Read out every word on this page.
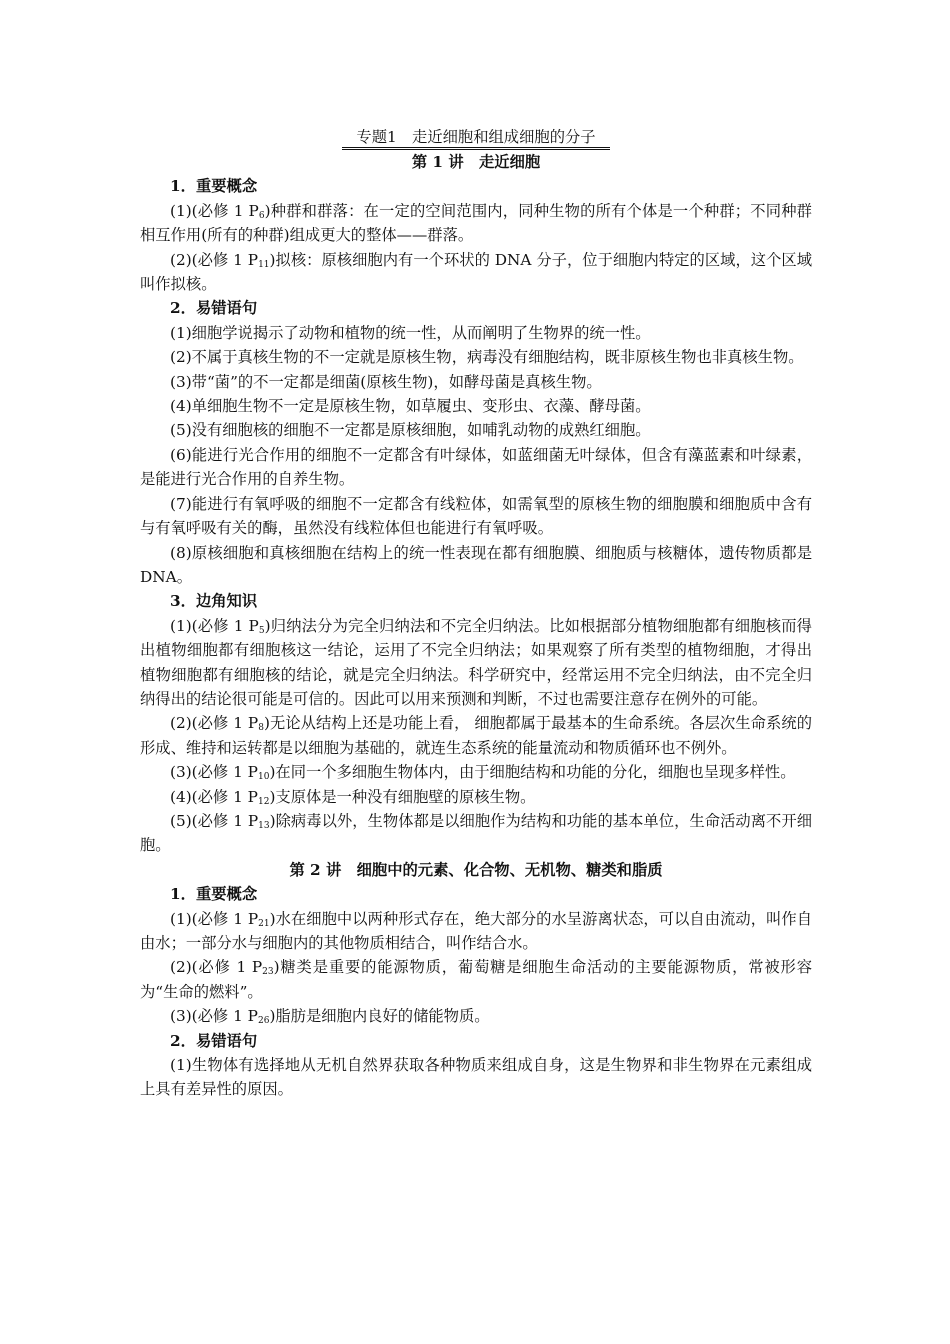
专题1　走近细胞和组成细胞的分子
第 1 讲　走近细胞
1．重要概念
(1)(必修 1 $P_6$)种群和群落：在一定的空间范围内，同种生物的所有个体是一个种群；不同种群相互作用(所有的种群)组成更大的整体——群落。
(2)(必修 1 $P_{11}$)拟核：原核细胞内有一个环状的 DNA 分子，位于细胞内特定的区域，这个区域叫作拟核。
2．易错语句
(1)细胞学说揭示了动物和植物的统一性，从而阐明了生物界的统一性。
(2)不属于真核生物的不一定就是原核生物，病毒没有细胞结构，既非原核生物也非真核生物。
(3)带“菌”的不一定都是细菌(原核生物)，如酵母菌是真核生物。
(4)单细胞生物不一定是原核生物，如草履虫、变形虫、衣藻、酵母菌。
(5)没有细胞核的细胞不一定都是原核细胞，如哺乳动物的成熟红细胞。
(6)能进行光合作用的细胞不一定都含有叶绿体，如蓝细菌无叶绿体，但含有藻蓝素和叶绿素，是能进行光合作用的自养生物。
(7)能进行有氧呼吸的细胞不一定都含有线粒体，如需氧型的原核生物的细胞膜和细胞质中含有与有氧呼吸有关的酶，虽然没有线粒体但也能进行有氧呼吸。
(8)原核细胞和真核细胞在结构上的统一性表现在都有细胞膜、细胞质与核糖体，遗传物质都是 DNA。
3．边角知识
(1)(必修 1 $P_5$)归纳法分为完全归纳法和不完全归纳法。比如根据部分植物细胞都有细胞核而得出植物细胞都有细胞核这一结论，运用了不完全归纳法；如果观察了所有类型的植物细胞，才得出植物细胞都有细胞核的结论，就是完全归纳法。科学研究中，经常运用不完全归纳法，由不完全归纳得出的结论很可能是可信的。因此可以用来预测和判断，不过也需要注意存在例外的可能。
(2)(必修 1 $P_8$)无论从结构上还是功能上看， 细胞都属于最基本的生命系统。各层次生命系统的形成、维持和运转都是以细胞为基础的，就连生态系统的能量流动和物质循环也不例外。
(3)(必修 1 $P_{10}$)在同一个多细胞生物体内，由于细胞结构和功能的分化，细胞也呈现多样性。
(4)(必修 1 $P_{12}$)支原体是一种没有细胞壁的原核生物。
(5)(必修 1 $P_{13}$)除病毒以外，生物体都是以细胞作为结构和功能的基本单位，生命活动离不开细胞。
第 2 讲　细胞中的元素、化合物、无机物、糖类和脂质
1．重要概念
(1)(必修 1 $P_{21}$)水在细胞中以两种形式存在，绝大部分的水呈游离状态，可以自由流动，叫作自由水；一部分水与细胞内的其他物质相结合，叫作结合水。
(2)(必修 1 $P_{23}$)糖类是重要的能源物质，葡萄糖是细胞生命活动的主要能源物质，常被形容为“生命的燃料”。
(3)(必修 1 $P_{26}$)脂肪是细胞内良好的储能物质。
2．易错语句
(1)生物体有选择地从无机自然界获取各种物质来组成自身，这是生物界和非生物界在元素组成上具有差异性的原因。
